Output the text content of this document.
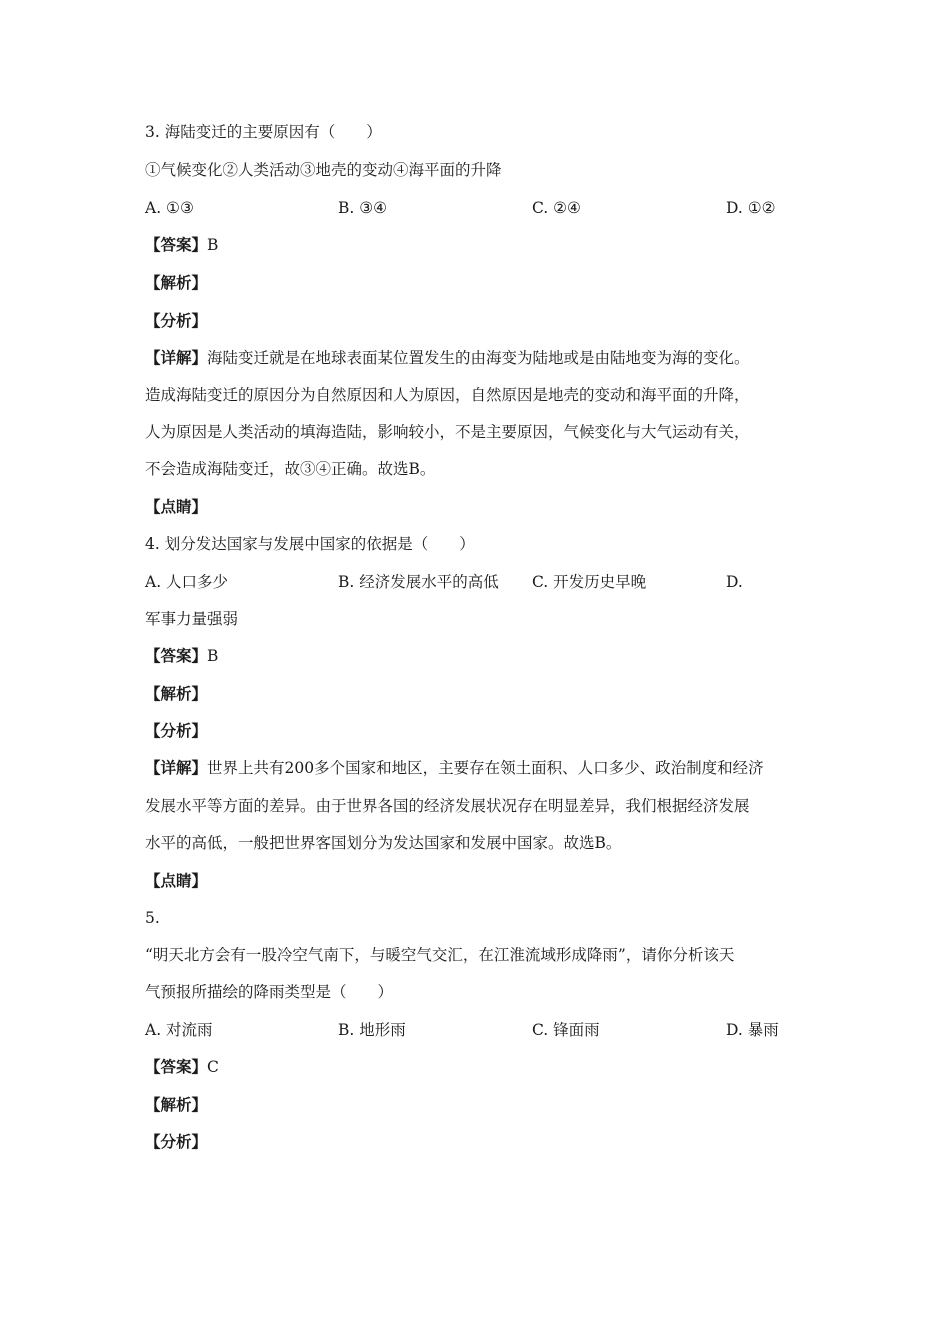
3. 海陆变迁的主要原因有（　　）
①气候变化②人类活动③地壳的变动④海平面的升降
A. ①③	B. ③④	C. ②④	D. ①②
【答案】B
【解析】
【分析】
【详解】海陆变迁就是在地球表面某位置发生的由海变为陆地或是由陆地变为海的变化。
造成海陆变迁的原因分为自然原因和人为原因，自然原因是地壳的变动和海平面的升降，
人为原因是人类活动的填海造陆，影响较小，不是主要原因，气候变化与大气运动有关，
不会造成海陆变迁，故③④正确。故选B。
【点睛】
4. 划分发达国家与发展中国家的依据是（　　）
A. 人口多少	B. 经济发展水平的高低 C. 开发历史早晚	D.
军事力量强弱
【答案】B
【解析】
【分析】
【详解】世界上共有200多个国家和地区，主要存在领土面积、人口多少、政治制度和经济
发展水平等方面的差异。由于世界各国的经济发展状况存在明显差异，我们根据经济发展
水平的高低，一般把世界客国划分为发达国家和发展中国家。故选B。
【点睛】
5.
“明天北方会有一股冷空气南下，与暖空气交汇，在江淮流域形成降雨”，请你分析该天
气预报所描绘的降雨类型是（　　）
A. 对流雨	B. 地形雨	C. 锋面雨	D. 暴雨
【答案】C
【解析】
【分析】
